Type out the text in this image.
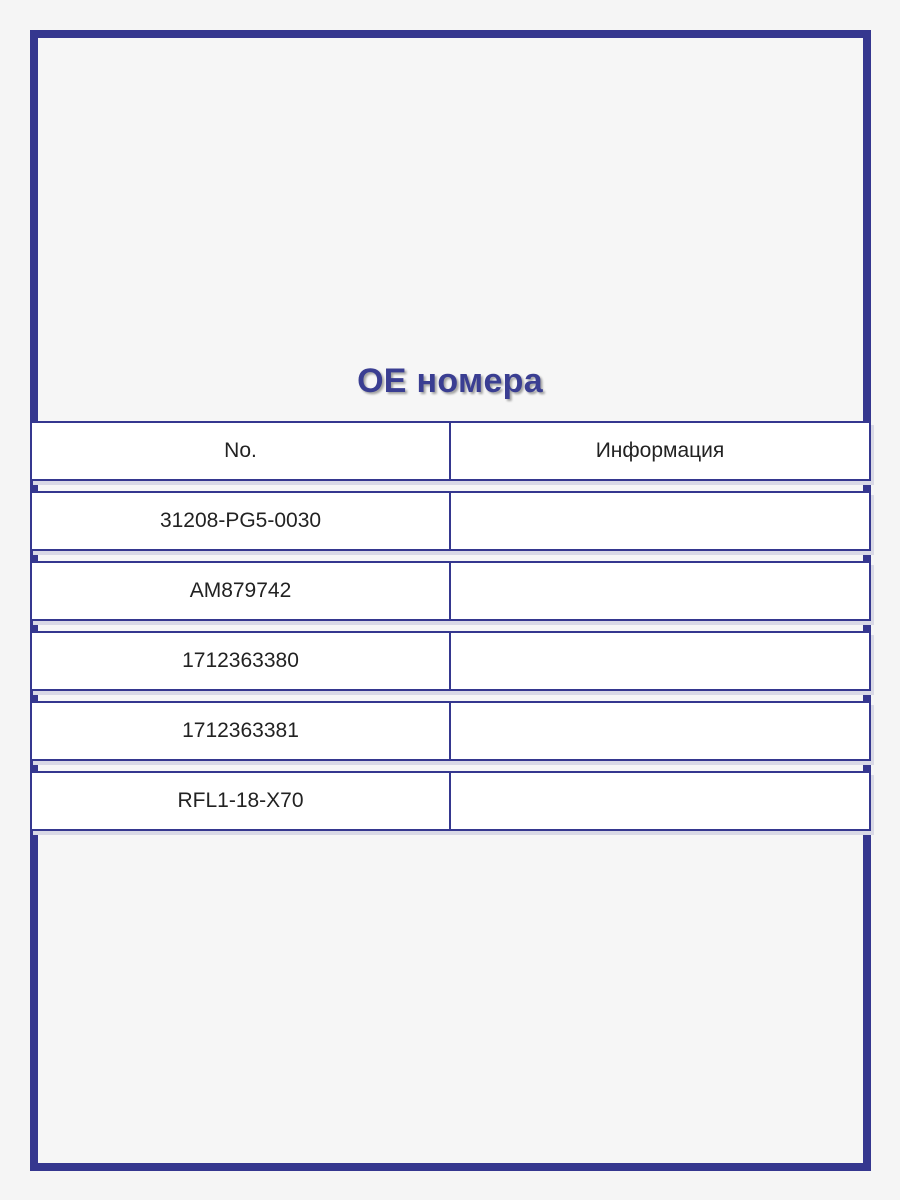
OE номера
No.	Информация
31208-PG5-0030
AM879742
1712363380
1712363381
RFL1-18-X70
